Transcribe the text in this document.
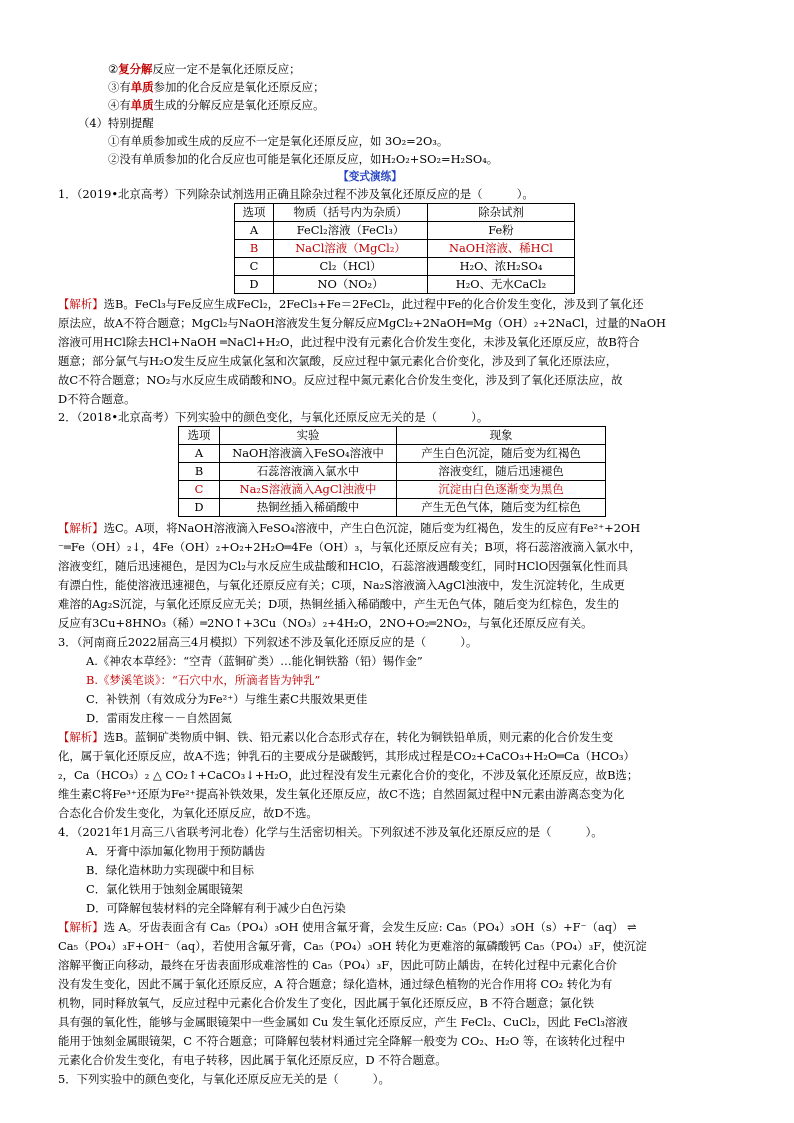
②复分解反应一定不是氧化还原反应；
③有单质参加的化合反应是氧化还原反应；
④有单质生成的分解反应是氧化还原反应。
（4）特别提醒
①有单质参加或生成的反应不一定是氧化还原反应，如 3O₂=2O₃。
②没有单质参加的化合反应也可能是氧化还原反应，如H₂O₂+SO₂=H₂SO₄。
【变式演练】
1．（2019•北京高考）下列除杂试剂选用正确且除杂过程不涉及氧化还原反应的是（　　　）。
选项	物质（括号内为杂质）	除杂试剂
A	FeCl₂溶液（FeCl₃）	Fe粉
B	NaCl溶液（MgCl₂）	NaOH溶液、稀HCl
C	Cl₂（HCl）	H₂O、浓H₂SO₄
D	NO（NO₂）	H₂O、无水CaCl₂
【解析】选B。FeCl₃与Fe反应生成FeCl₂，2FeCl₃+Fe＝2FeCl₂，此过程中Fe的化合价发生变化，涉及到了氧化还
原法应，故A不符合题意；MgCl₂与NaOH溶液发生复分解反应MgCl₂+2NaOH═Mg（OH）₂+2NaCl，过量的NaOH
溶液可用HCl除去HCl+NaOH ═NaCl+H₂O，此过程中没有元素化合价发生变化，未涉及氧化还原反应，故B符合
题意；部分氯气与H₂O发生反应生成氯化氢和次氯酸，反应过程中氯元素化合价变化，涉及到了氧化还原法应，
故C不符合题意；NO₂与水反应生成硝酸和NO。反应过程中氮元素化合价发生变化，涉及到了氧化还原法应，故
D不符合题意。
2．（2018•北京高考）下列实验中的颜色变化，与氧化还原反应无关的是（　　　）。
选项	实验	现象
A	NaOH溶液滴入FeSO₄溶液中	产生白色沉淀，随后变为红褐色
B	石蕊溶液滴入氯水中	溶液变红，随后迅速褪色
C	Na₂S溶液滴入AgCl浊液中	沉淀由白色逐渐变为黑色
D	热铜丝插入稀硝酸中	产生无色气体，随后变为红棕色
【解析】选C。A项，将NaOH溶液滴入FeSO₄溶液中，产生白色沉淀，随后变为红褐色，发生的反应有Fe²⁺+2OH
⁻═Fe（OH）₂↓，4Fe（OH）₂+O₂+2H₂O═4Fe（OH）₃，与氧化还原反应有关；B项，将石蕊溶液滴入氯水中，
溶液变红，随后迅速褪色，是因为Cl₂与水反应生成盐酸和HClO，石蕊溶液遇酸变红，同时HClO因强氧化性而具
有漂白性，能使溶液迅速褪色，与氧化还原反应有关；C项，Na₂S溶液滴入AgCl浊液中，发生沉淀转化，生成更
难溶的Ag₂S沉淀，与氧化还原反应无关；D项，热铜丝插入稀硝酸中，产生无色气体，随后变为红棕色，发生的
反应有3Cu+8HNO₃（稀）═2NO↑+3Cu（NO₃）₂+4H₂O，2NO+O₂═2NO₂，与氧化还原反应有关。
3．（河南商丘2022届高三4月模拟）下列叙述不涉及氧化还原反应的是（　　　）。
A.《神农本草经》：“空青（蓝铜矿类）…能化铜铁豁（铅）锡作金”
B.《梦溪笔谈》：“石穴中水，所滴者皆为钟乳”
C．补铁剂（有效成分为Fe²⁺）与维生素C共服效果更佳
D．雷雨发庄稼－－自然固氮
【解析】选B。蓝铜矿类物质中铜、铁、铅元素以化合态形式存在，转化为铜铁铅单质，则元素的化合价发生变
化，属于氧化还原反应，故A不选；钟乳石的主要成分是碳酸钙，其形成过程是CO₂+CaCO₃+H₂O═Ca（HCO₃）
₂，Ca（HCO₃）₂ △ CO₂↑+CaCO₃↓+H₂O，此过程没有发生元素化合价的变化，不涉及氧化还原反应，故B选；
维生素C将Fe³⁺还原为Fe²⁺提高补铁效果，发生氧化还原反应，故C不选；自然固氮过程中N元素由游离态变为化
合态化合价发生变化，为氧化还原反应，故D不选。
4．（2021年1月高三八省联考河北卷）化学与生活密切相关。下列叙述不涉及氧化还原反应的是（　　　）。
A．牙膏中添加氟化物用于预防龋齿
B．绿化造林助力实现碳中和目标
C．氯化铁用于蚀刻金属眼镜架
D．可降解包装材料的完全降解有利于减少白色污染
【解析】选 A。牙齿表面含有 Ca₅（PO₄）₃OH 使用含氟牙膏，会发生反应: Ca₅（PO₄）₃OH（s）+F⁻（aq） ⇌
Ca₅（PO₄）₃F+OH⁻（aq），若使用含氟牙膏，Ca₅（PO₄）₃OH 转化为更难溶的氟磷酸钙 Ca₅（PO₄）₃F，使沉淀
溶解平衡正向移动，最终在牙齿表面形成难溶性的 Ca₅（PO₄）₃F，因此可防止龋齿，在转化过程中元素化合价
没有发生变化，因此不属于氧化还原反应，A 符合题意；绿化造林，通过绿色植物的光合作用将 CO₂ 转化为有
机物，同时释放氧气，反应过程中元素化合价发生了变化，因此属于氧化还原反应，B 不符合题意；氯化铁
具有强的氧化性，能够与金属眼镜架中一些金属如 Cu 发生氧化还原反应，产生 FeCl₂、CuCl₂，因此 FeCl₃溶液
能用于蚀刻金属眼镜架，C 不符合题意；可降解包装材料通过完全降解一般变为 CO₂、H₂O 等，在该转化过程中
元素化合价发生变化，有电子转移，因此属于氧化还原反应，D 不符合题意。
5．下列实验中的颜色变化，与氧化还原反应无关的是（　　　）。
